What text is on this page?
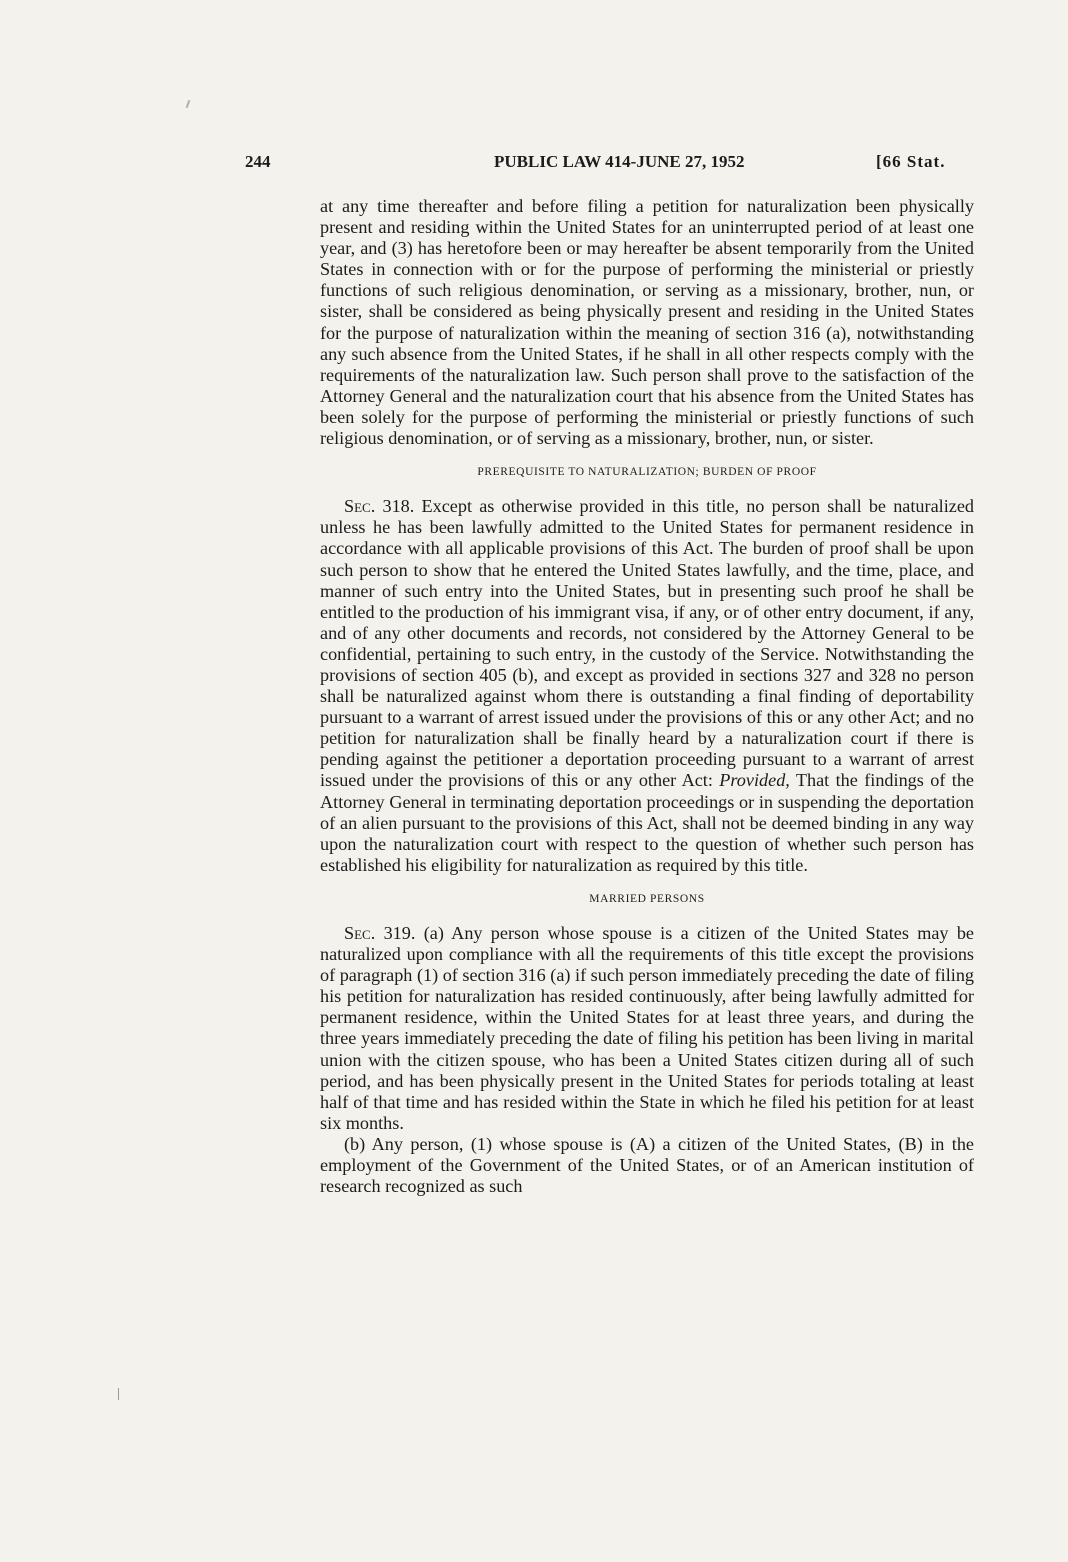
244	PUBLIC LAW 414-JUNE 27, 1952	[66 Stat.

at any time thereafter and before filing a petition for naturalization been physically present and residing within the United States for an uninterrupted period of at least one year, and (3) has heretofore been or may hereafter be absent temporarily from the United States in connection with or for the purpose of performing the ministerial or priestly functions of such religious denomination, or serving as a missionary, brother, nun, or sister, shall be considered as being physically present and residing in the United States for the purpose of naturalization within the meaning of section 316 (a), notwithstanding any such absence from the United States, if he shall in all other respects comply with the requirements of the naturalization law. Such person shall prove to the satisfaction of the Attorney General and the naturalization court that his absence from the United States has been solely for the purpose of performing the ministerial or priestly functions of such religious denomination, or of serving as a missionary, brother, nun, or sister.

PREREQUISITE TO NATURALIZATION; BURDEN OF PROOF

Sec. 318. Except as otherwise provided in this title, no person shall be naturalized unless he has been lawfully admitted to the United States for permanent residence in accordance with all applicable provisions of this Act. The burden of proof shall be upon such person to show that he entered the United States lawfully, and the time, place, and manner of such entry into the United States, but in presenting such proof he shall be entitled to the production of his immigrant visa, if any, or of other entry document, if any, and of any other documents and records, not considered by the Attorney General to be confidential, pertaining to such entry, in the custody of the Service. Notwithstanding the provisions of section 405 (b), and except as provided in sections 327 and 328 no person shall be naturalized against whom there is outstanding a final finding of deportability pursuant to a warrant of arrest issued under the provisions of this or any other Act; and no petition for naturalization shall be finally heard by a naturalization court if there is pending against the petitioner a deportation proceeding pursuant to a warrant of arrest issued under the provisions of this or any other Act: Provided, That the findings of the Attorney General in terminating deportation proceedings or in suspending the deportation of an alien pursuant to the provisions of this Act, shall not be deemed binding in any way upon the naturalization court with respect to the question of whether such person has established his eligibility for naturalization as required by this title.

MARRIED PERSONS

Sec. 319. (a) Any person whose spouse is a citizen of the United States may be naturalized upon compliance with all the requirements of this title except the provisions of paragraph (1) of section 316 (a) if such person immediately preceding the date of filing his petition for naturalization has resided continuously, after being lawfully admitted for permanent residence, within the United States for at least three years, and during the three years immediately preceding the date of filing his petition has been living in marital union with the citizen spouse, who has been a United States citizen during all of such period, and has been physically present in the United States for periods totaling at least half of that time and has resided within the State in which he filed his petition for at least six months.

(b) Any person, (1) whose spouse is (A) a citizen of the United States, (B) in the employment of the Government of the United States, or of an American institution of research recognized as such
